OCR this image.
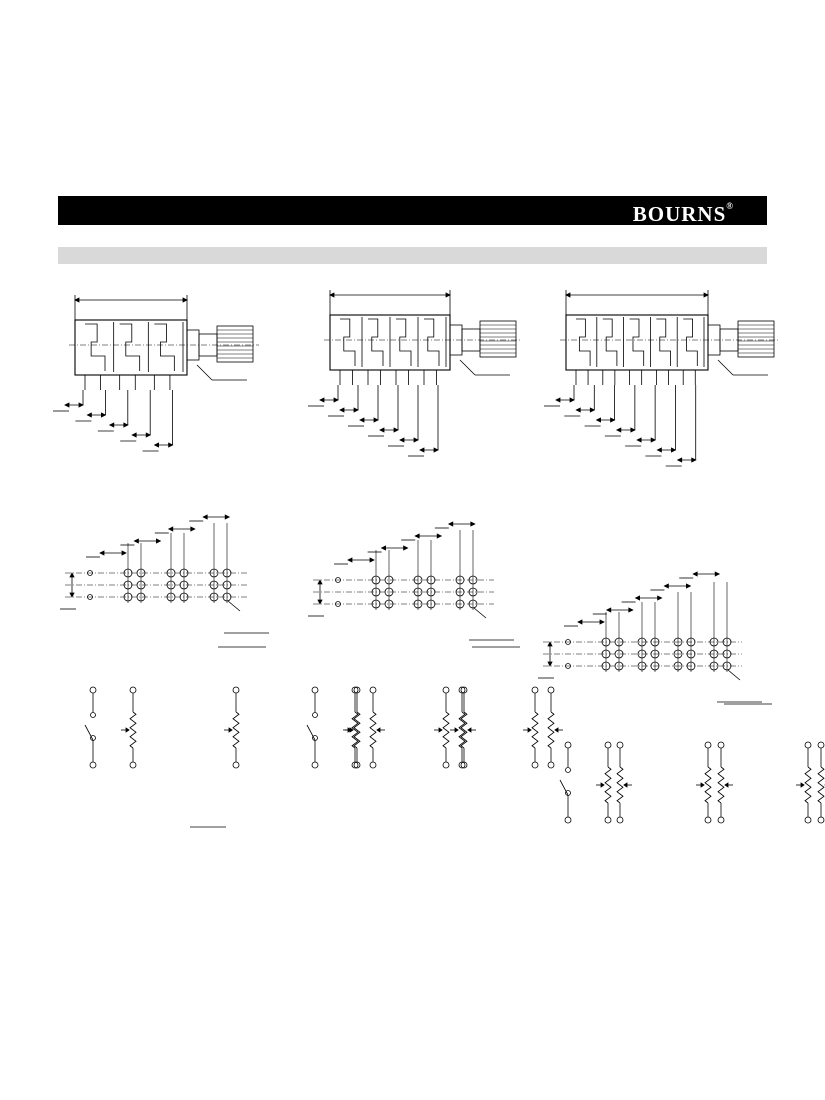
BOURNS®
